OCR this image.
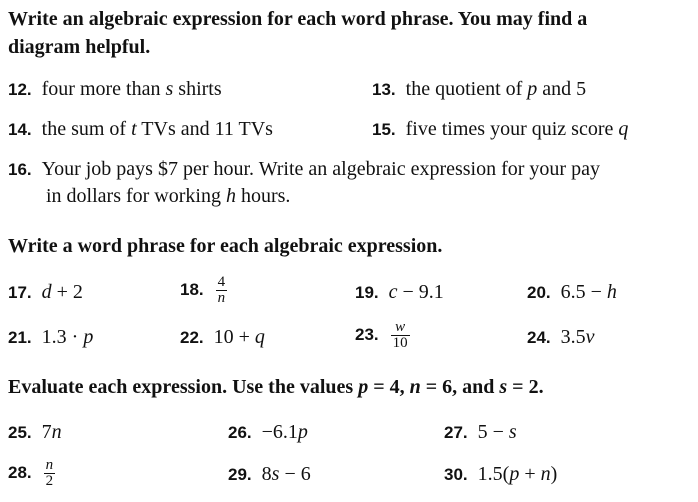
Write an algebraic expression for each word phrase. You may find a
diagram helpful.
12. four more than s shirts	13. the quotient of p and 5
14. the sum of t TVs and 11 TVs	15. five times your quiz score q
16. Your job pays $7 per hour. Write an algebraic expression for your pay
in dollars for working h hours.
Write a word phrase for each algebraic expression.
17. d + 2	18. $\frac{4}{n}$	19. c − 9.1	20. 6.5 − h
21. 1.3 · p	22. 10 + q	23. $\frac{w}{10}$	24. 3.5v
Evaluate each expression. Use the values p = 4, n = 6, and s = 2.
25. 7n	26. −6.1p	27. 5 − s
28. $\frac{n}{2}$	29. 8s − 6	30. 1.5(p + n)
